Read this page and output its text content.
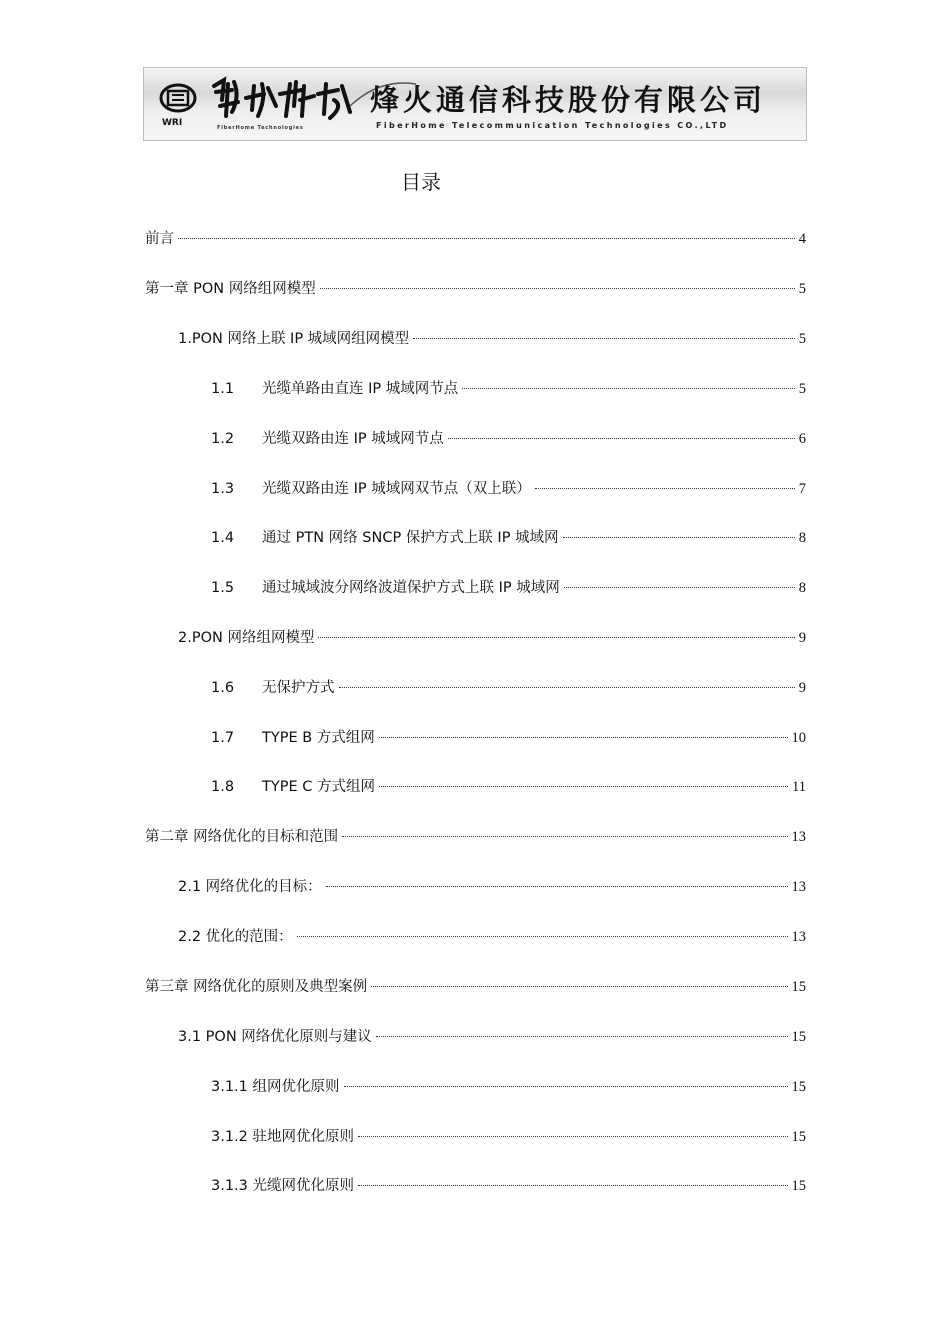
WRI	FiberHome Technologies
烽火通信科技股份有限公司
FiberHome Telecommunication Technologies CO.,LTD
目录
前言	4
第一章 PON 网络组网模型	5
1.PON 网络上联 IP 城域网组网模型	5
1.1	光缆单路由直连 IP 城域网节点	5
1.2	光缆双路由连 IP 城域网节点	6
1.3	光缆双路由连 IP 城域网双节点（双上联）	7
1.4	通过 PTN 网络 SNCP 保护方式上联 IP 城域网	8
1.5	通过城域波分网络波道保护方式上联 IP 城域网	8
2.PON 网络组网模型	9
1.6	无保护方式	9
1.7	TYPE B 方式组网	10
1.8	TYPE C 方式组网	11
第二章 网络优化的目标和范围	13
2.1 网络优化的目标：	13
2.2 优化的范围：	13
第三章 网络优化的原则及典型案例	15
3.1 PON 网络优化原则与建议	15
3.1.1 组网优化原则	15
3.1.2 驻地网优化原则	15
3.1.3 光缆网优化原则	15
